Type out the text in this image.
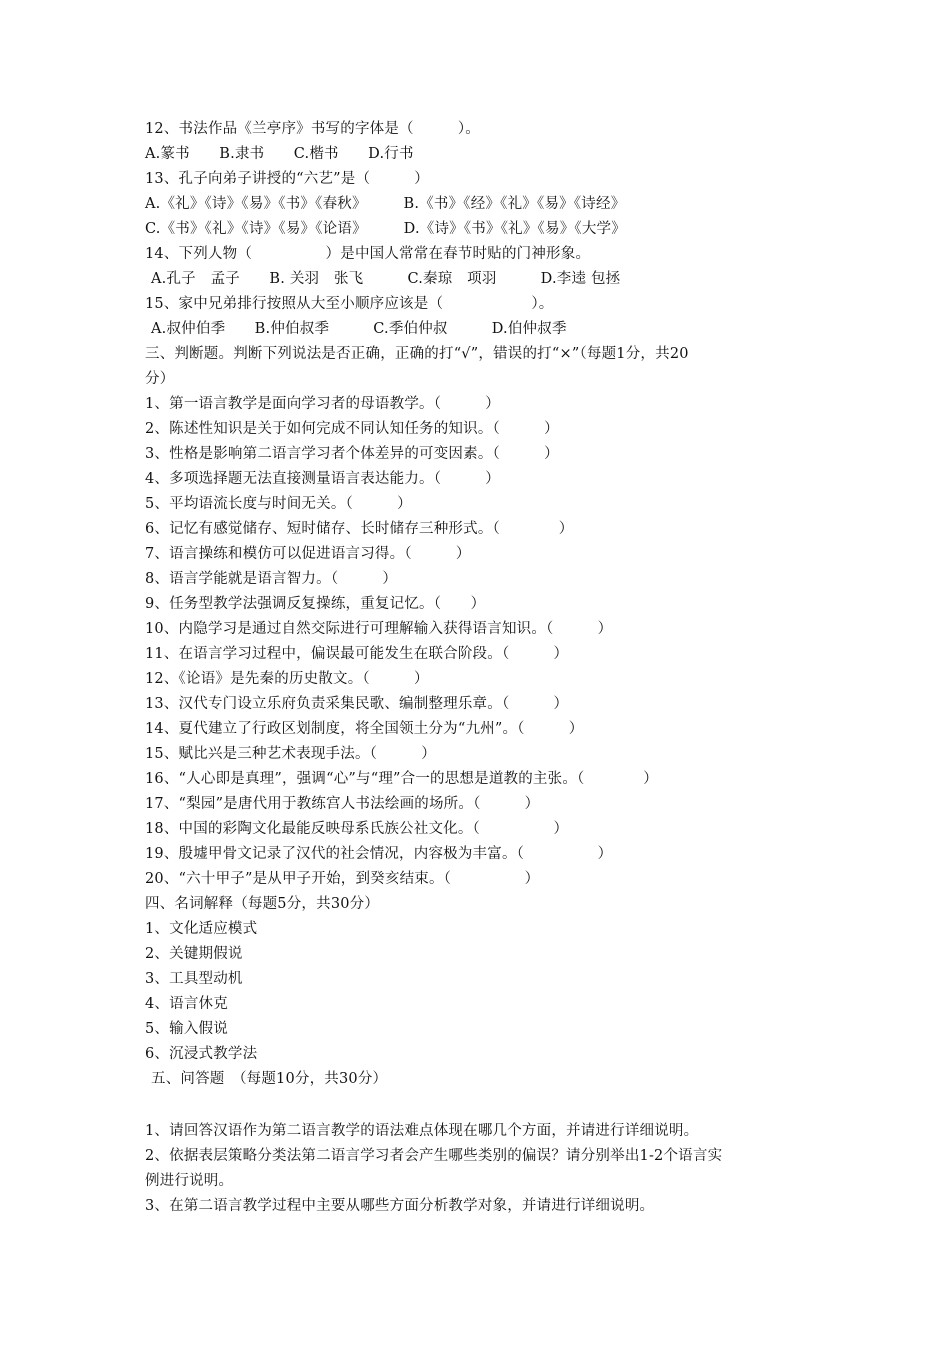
12、书法作品《兰亭序》书写的字体是（　　　）。
A.篆书　　B.隶书　　C.楷书　　D.行书
13、孔子向弟子讲授的“六艺”是（　　　）
A.《礼》《诗》《易》《书》《春秋》　　　B.《书》《经》《礼》《易》《诗经》
C.《书》《礼》《诗》《易》《论语》　　　D.《诗》《书》《礼》《易》《大学》
14、下列人物（　　　　　）是中国人常常在春节时贴的门神形象。
A.孔子　孟子　　B. 关羽　张飞　　　C.秦琼　项羽　　　D.李逵 包拯
15、家中兄弟排行按照从大至小顺序应该是（　　　　　　）。
A.叔仲伯季　　B.仲伯叔季　　　C.季伯仲叔　　　D.伯仲叔季
三、判断题。判断下列说法是否正确，正确的打“√”，错误的打“×”（每题1分，共20
分）
1、第一语言教学是面向学习者的母语教学。（　　　）
2、陈述性知识是关于如何完成不同认知任务的知识。（　　　）
3、性格是影响第二语言学习者个体差异的可变因素。（　　　）
4、多项选择题无法直接测量语言表达能力。（　　　）
5、平均语流长度与时间无关。（　　　）
6、记忆有感觉储存、短时储存、长时储存三种形式。（　　　　）
7、语言操练和模仿可以促进语言习得。（　　　）
8、语言学能就是语言智力。（　　　）
9、任务型教学法强调反复操练，重复记忆。（　　）
10、内隐学习是通过自然交际进行可理解输入获得语言知识。（　　　）
11、在语言学习过程中，偏误最可能发生在联合阶段。（　　　）
12、《论语》是先秦的历史散文。（　　　）
13、汉代专门设立乐府负责采集民歌、编制整理乐章。（　　　）
14、夏代建立了行政区划制度，将全国领土分为“九州”。（　　　）
15、赋比兴是三种艺术表现手法。（　　　）
16、“人心即是真理”，强调“心”与“理”合一的思想是道教的主张。（　　　　）
17、“梨园”是唐代用于教练宫人书法绘画的场所。（　　　）
18、中国的彩陶文化最能反映母系氏族公社文化。（　　　　　）
19、殷墟甲骨文记录了汉代的社会情况，内容极为丰富。（　　　　　）
20、“六十甲子”是从甲子开始，到癸亥结束。（　　　　　）
四、名词解释（每题5分，共30分）
1、文化适应模式
2、关键期假说
3、工具型动机
4、语言休克
5、输入假说
6、沉浸式教学法
五、问答题　（每题10分，共30分）
1、请回答汉语作为第二语言教学的语法难点体现在哪几个方面，并请进行详细说明。
2、依据表层策略分类法第二语言学习者会产生哪些类别的偏误？请分别举出1-2个语言实
例进行说明。
3、在第二语言教学过程中主要从哪些方面分析教学对象，并请进行详细说明。
